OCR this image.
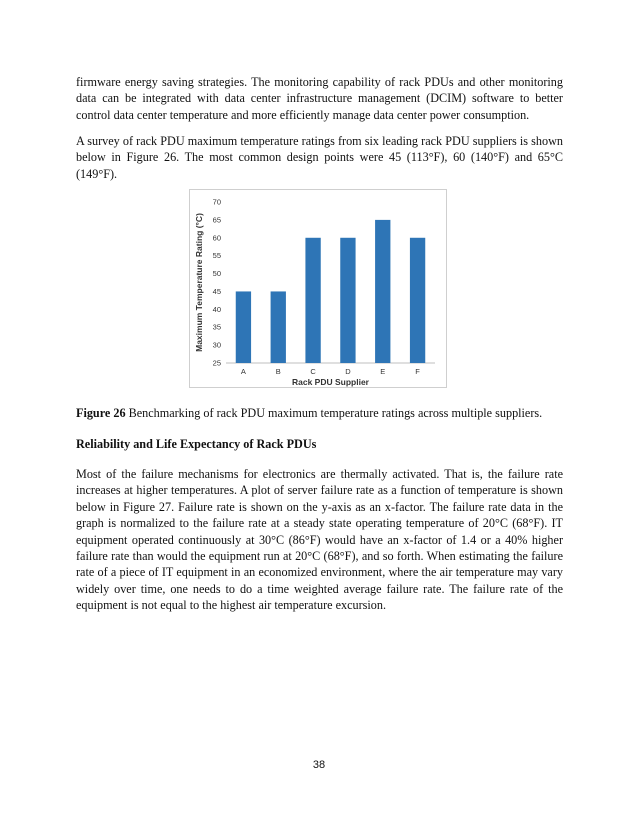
firmware energy saving strategies. The monitoring capability of rack PDUs and other monitoring data can be integrated with data center infrastructure management (DCIM) software to better control data center temperature and more efficiently manage data center power consumption.

A survey of rack PDU maximum temperature ratings from six leading rack PDU suppliers is shown below in Figure 26. The most common design points were 45 (113°F), 60 (140°F) and 65°C (149°F).

25
30
35
40
45
50
55
60
65
70
A	B	C	D	E	F
Rack PDU Supplier
Maximum Temperature Rating (°C)

Figure 26 Benchmarking of rack PDU maximum temperature ratings across multiple suppliers.

Reliability and Life Expectancy of Rack PDUs

Most of the failure mechanisms for electronics are thermally activated. That is, the failure rate increases at higher temperatures. A plot of server failure rate as a function of temperature is shown below in Figure 27. Failure rate is shown on the y-axis as an x-factor. The failure rate data in the graph is normalized to the failure rate at a steady state operating temperature of 20°C (68°F). IT equipment operated continuously at 30°C (86°F) would have an x-factor of 1.4 or a 40% higher failure rate than would the equipment run at 20°C (68°F), and so forth. When estimating the failure rate of a piece of IT equipment in an economized environment, where the air temperature may vary widely over time, one needs to do a time weighted average failure rate. The failure rate of the equipment is not equal to the highest air temperature excursion.

38
